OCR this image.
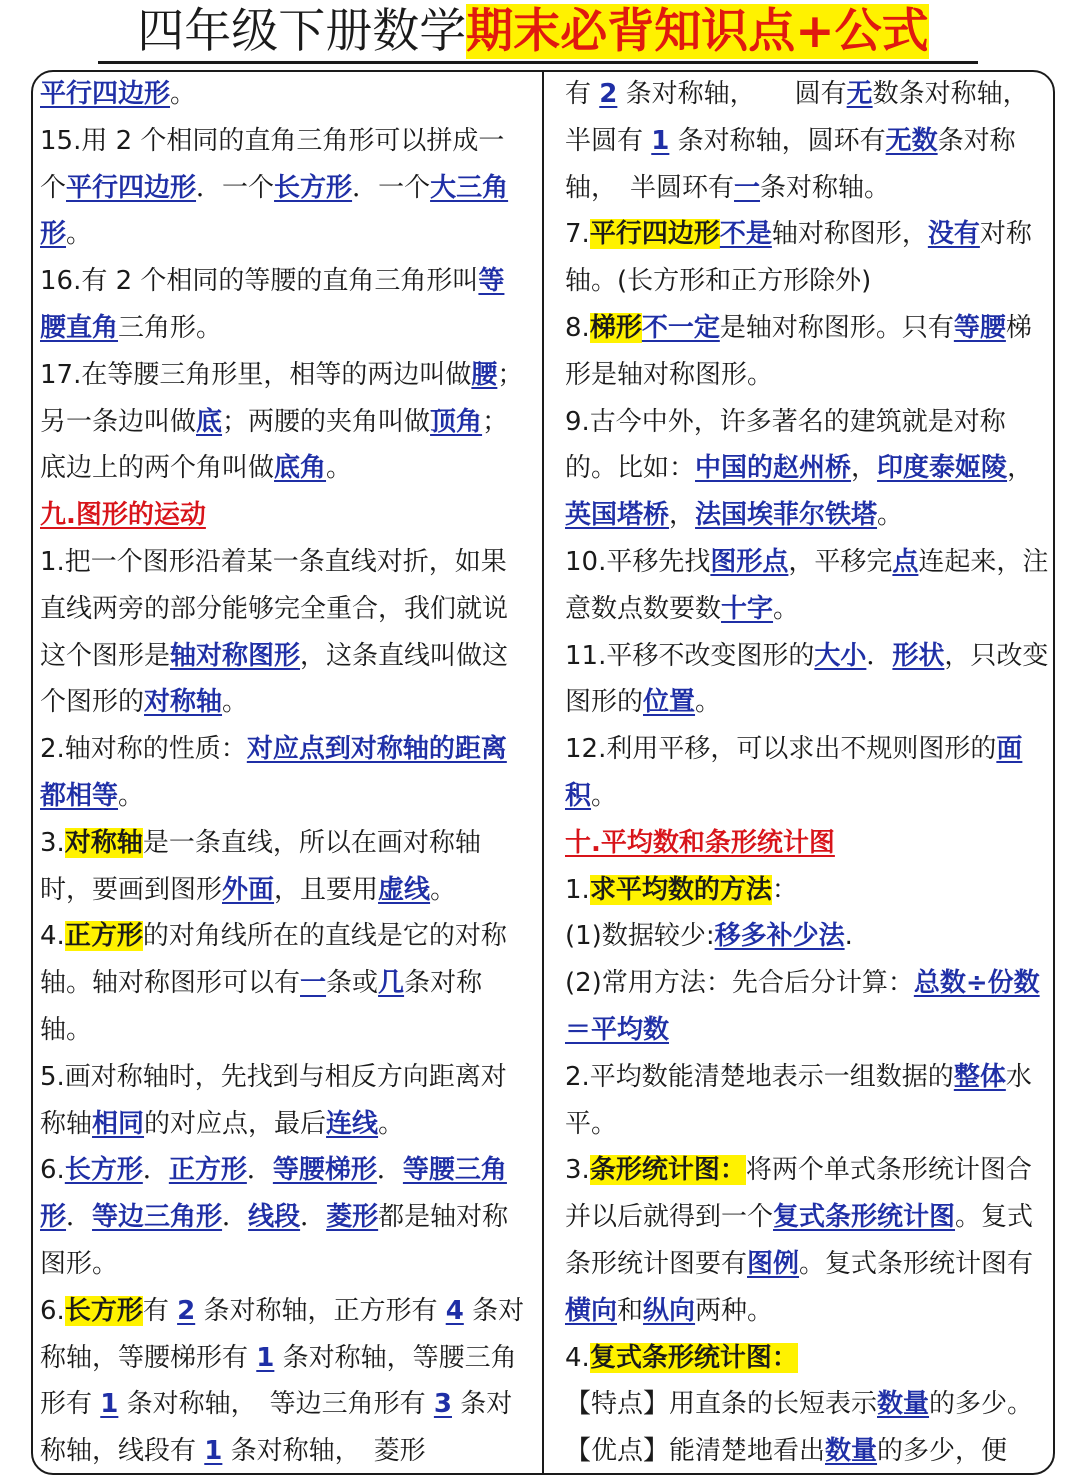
四年级下册数学期末必背知识点+公式

平行四边形。

15.用 2 个相同的直角三角形可以拼成一个平行四边形．一个长方形．一个大三角形。

16.有 2 个相同的等腰的直角三角形叫等腰直角三角形。

17.在等腰三角形里，相等的两边叫做腰；另一条边叫做底；两腰的夹角叫做顶角；底边上的两个角叫做底角。

九.图形的运动

1.把一个图形沿着某一条直线对折，如果直线两旁的部分能够完全重合，我们就说这个图形是轴对称图形，这条直线叫做这个图形的对称轴。

2.轴对称的性质：对应点到对称轴的距离都相等。

3.对称轴是一条直线，所以在画对称轴时，要画到图形外面，且要用虚线。

4.正方形的对角线所在的直线是它的对称轴。轴对称图形可以有一条或几条对称轴。

5.画对称轴时，先找到与相反方向距离对称轴相同的对应点，最后连线。

6.长方形．正方形．等腰梯形．等腰三角形．等边三角形．线段．菱形都是轴对称图形。

6.长方形有 2 条对称轴，正方形有 4 条对称轴，等腰梯形有 1 条对称轴，等腰三角形有 1 条对称轴，　等边三角形有 3 条对称轴，线段有 1 条对称轴，　菱形

有 2 条对称轴，　　圆有无数条对称轴，半圆有 1 条对称轴，圆环有无数条对称轴，　半圆环有一条对称轴。

7.平行四边形不是轴对称图形，没有对称轴。(长方形和正方形除外)

8.梯形不一定是轴对称图形。只有等腰梯形是轴对称图形。

9.古今中外，许多著名的建筑就是对称的。比如：中国的赵州桥，印度泰姬陵，英国塔桥，法国埃菲尔铁塔。

10.平移先找图形点，平移完点连起来，注意数点数要数十字。

11.平移不改变图形的大小．形状，只改变图形的位置。

12.利用平移，可以求出不规则图形的面积。

十.平均数和条形统计图

1.求平均数的方法：

(1)数据较少:移多补少法.

(2)常用方法：先合后分计算：总数÷份数＝平均数

2.平均数能清楚地表示一组数据的整体水平。

3.条形统计图：将两个单式条形统计图合并以后就得到一个复式条形统计图。复式条形统计图要有图例。复式条形统计图有横向和纵向两种。

4.复式条形统计图：

【特点】用直条的长短表示数量的多少。

【优点】能清楚地看出数量的多少，便
